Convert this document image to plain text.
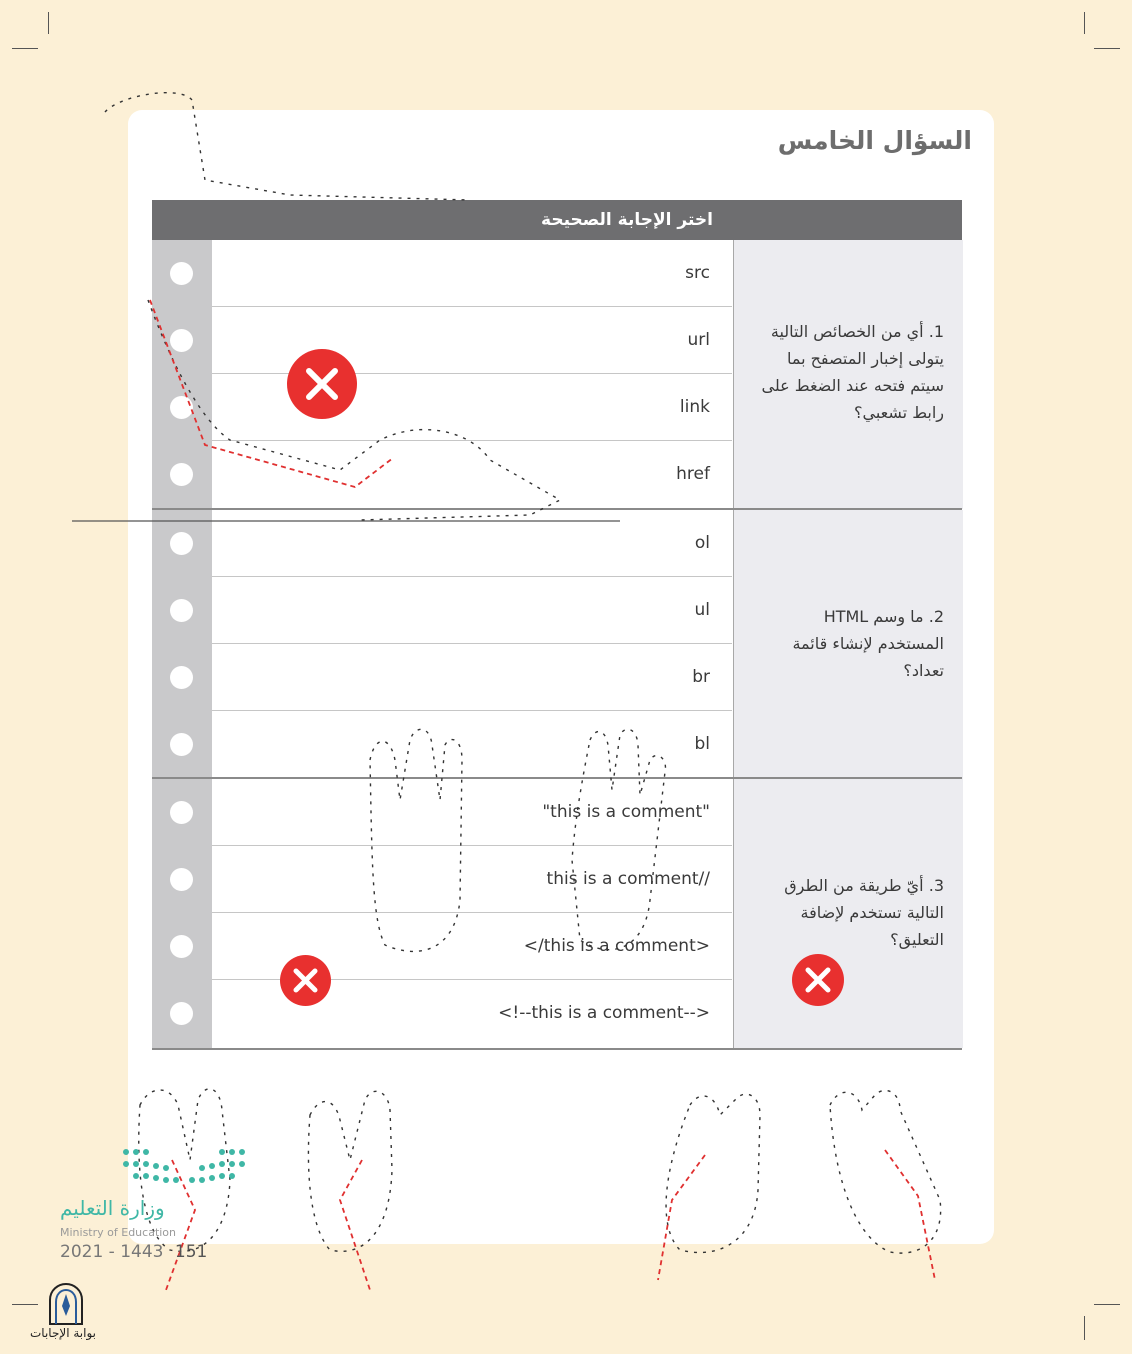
السؤال الخامس
اختر الإجابة الصحيحة
1. أي من الخصائص التالية يتولى إخبار المتصفح بما سيتم فتحه عند الضغط على رابط تشعبي؟
src
url
link
href
2. ما وسم HTML المستخدم لإنشاء قائمة تعداد؟
ol
ul
br
bl
3. أيّ طريقة من الطرق التالية تستخدم لإضافة التعليق؟
"this is a comment"
this is a comment//
</this is a comment>
<!--this is a comment-->
وزارة التعليم
Ministry of Education
2021 - 1443 151
بوابة الإجابات
